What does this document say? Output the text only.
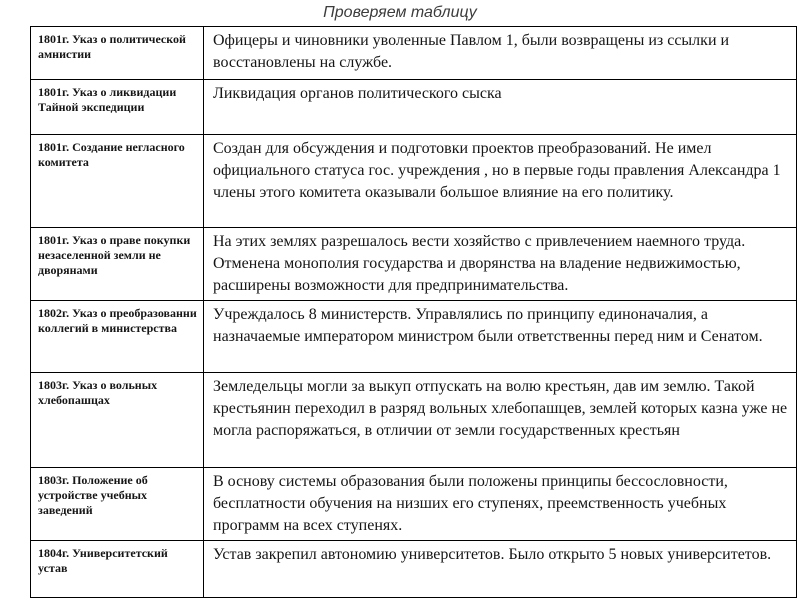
Проверяем таблицу
1801г. Указ о политической амнистии	Офицеры и чиновники уволенные Павлом 1, были возвращены из ссылки и восстановлены на службе.
1801г. Указ о ликвидации Тайной экспедиции	Ликвидация органов политического сыска
1801г. Создание негласного комитета	Создан для обсуждения и подготовки проектов преобразований. Не имел официального статуса гос. учреждения , но в первые годы правления Александра 1 члены этого комитета оказывали большое влияние на его политику.
1801г. Указ о праве покупки незаселенной земли не дворянами	На этих землях разрешалось вести хозяйство с привлечением наемного труда. Отменена монополия государства и дворянства на владение недвижимостью, расширены возможности для предпринимательства.
1802г. Указ о преобразованни коллегий в министерства	Учреждалось 8 министерств. Управлялись по принципу единоначалия, а назначаемые императором министром были ответственны перед ним и Сенатом.
1803г. Указ о вольных хлебопашцах	Земледельцы могли за выкуп отпускать на волю крестьян, дав им землю. Такой крестьянин переходил в разряд вольных хлебопашцев, землей которых казна уже не могла распоряжаться, в отличии от земли государственных крестьян
1803г. Положение об устройстве учебных заведений	В основу системы образования были положены принципы бессословности, бесплатности обучения на низших его ступенях, преемственность учебных программ на всех ступенях.
1804г. Университетский устав	Устав закрепил автономию университетов. Было открыто 5 новых университетов.
